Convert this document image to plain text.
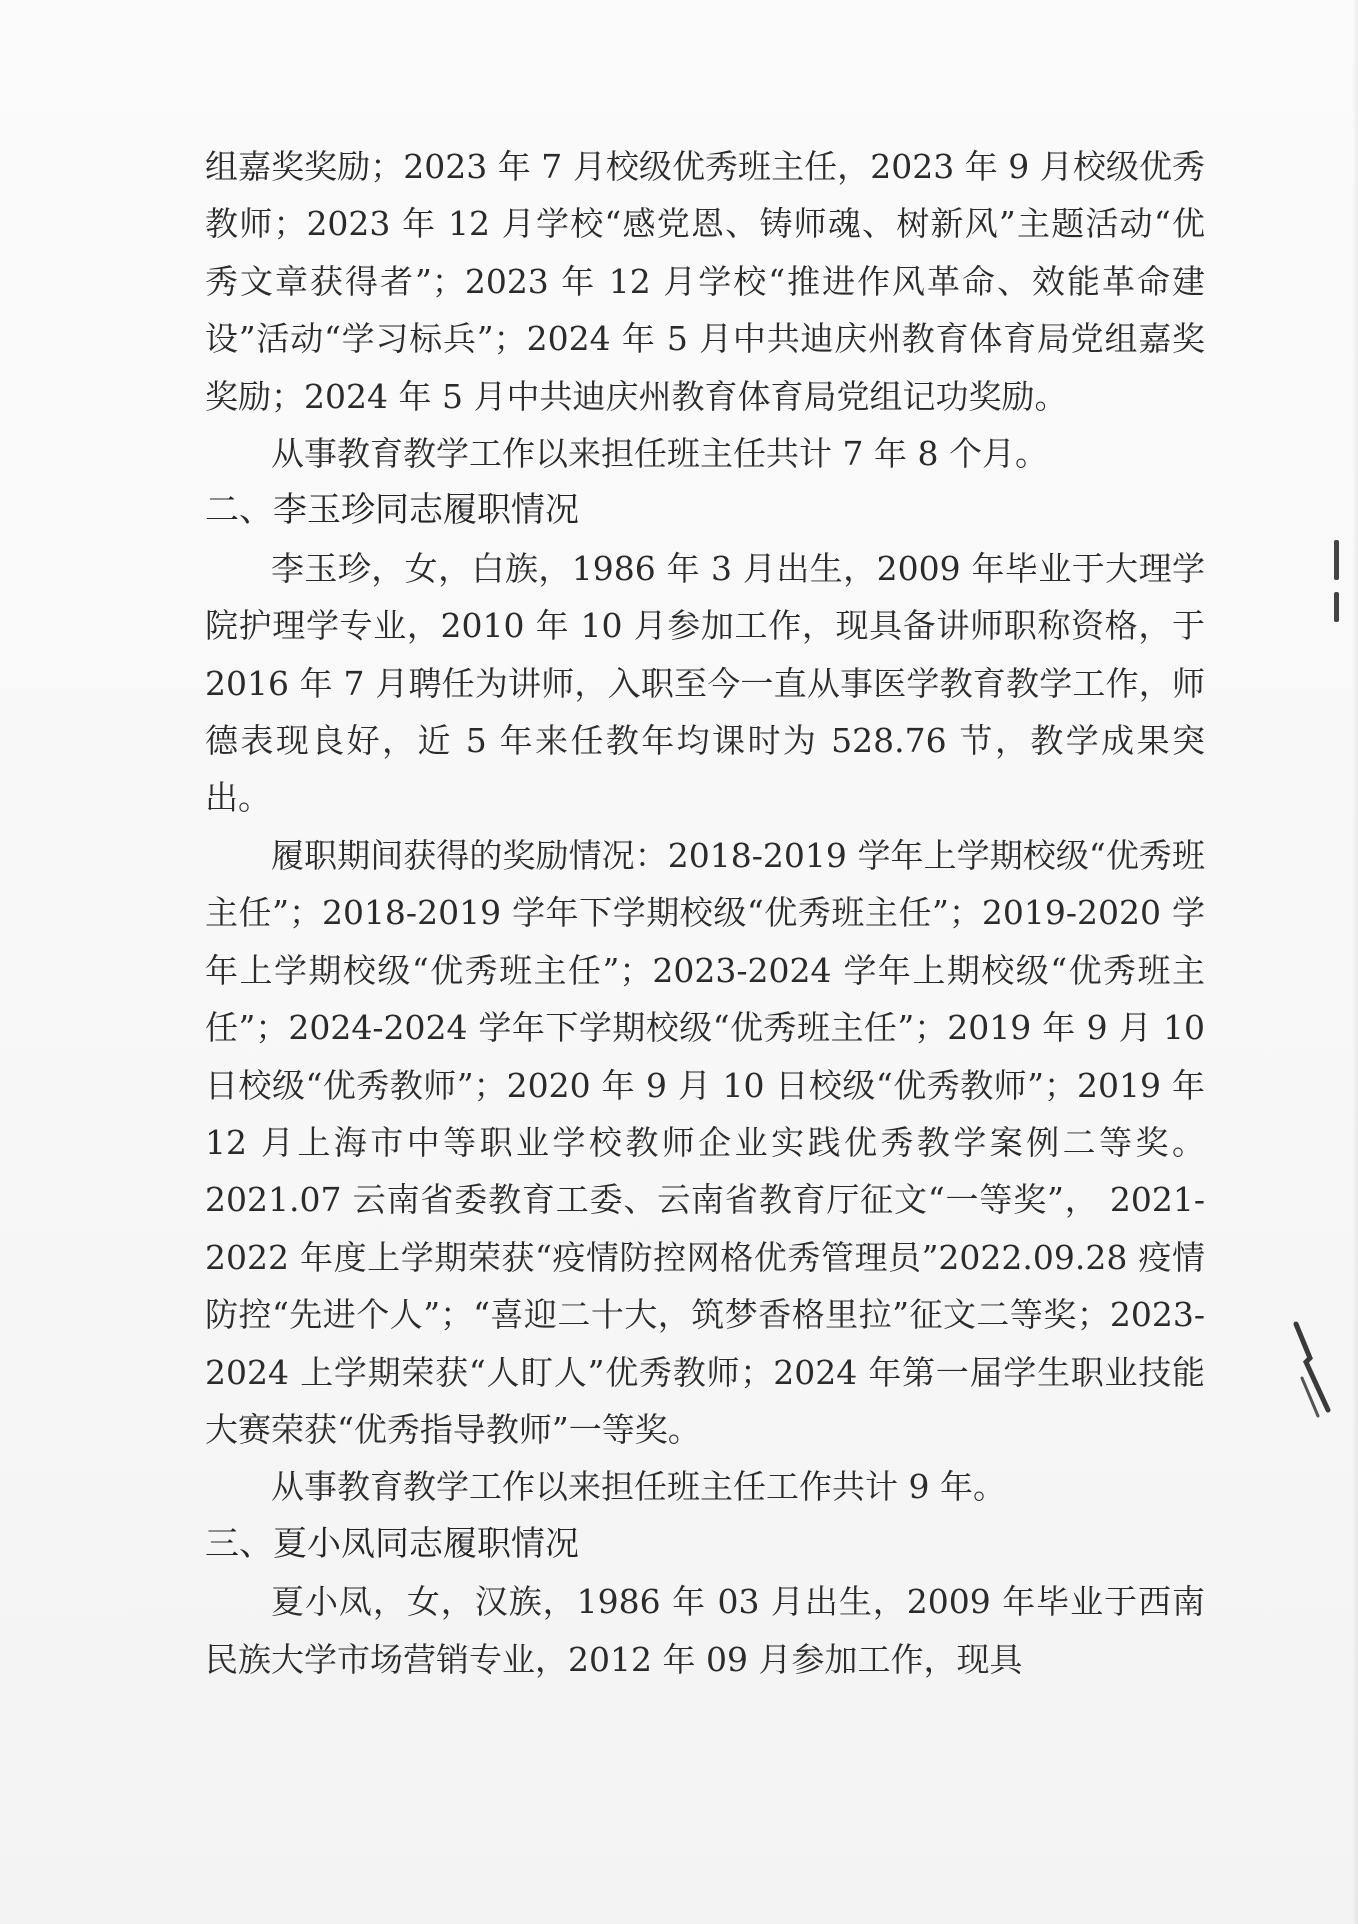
组嘉奖奖励；2023 年 7 月校级优秀班主任，2023 年 9 月校级优秀教师；2023 年 12 月学校“感党恩、铸师魂、树新风”主题活动“优秀文章获得者”；2023 年 12 月学校“推进作风革命、效能革命建设”活动“学习标兵”；2024 年 5 月中共迪庆州教育体育局党组嘉奖奖励；2024 年 5 月中共迪庆州教育体育局党组记功奖励。

从事教育教学工作以来担任班主任共计 7 年 8 个月。

二、李玉珍同志履职情况

李玉珍，女，白族，1986 年 3 月出生，2009 年毕业于大理学院护理学专业，2010 年 10 月参加工作，现具备讲师职称资格，于 2016 年 7 月聘任为讲师，入职至今一直从事医学教育教学工作，师德表现良好，近 5 年来任教年均课时为 528.76 节，教学成果突出。

履职期间获得的奖励情况：2018-2019 学年上学期校级“优秀班主任”；2018-2019 学年下学期校级“优秀班主任”；2019-2020 学年上学期校级“优秀班主任”；2023-2024 学年上期校级“优秀班主任”；2024-2024 学年下学期校级“优秀班主任”；2019 年 9 月 10 日校级“优秀教师”；2020 年 9 月 10 日校级“优秀教师”；2019 年 12 月上海市中等职业学校教师企业实践优秀教学案例二等奖。2021.07 云南省委教育工委、云南省教育厅征文“一等奖”， 2021-2022 年度上学期荣获“疫情防控网格优秀管理员”2022.09.28 疫情防控“先进个人”；“喜迎二十大，筑梦香格里拉”征文二等奖；2023-2024 上学期荣获“人盯人”优秀教师；2024 年第一届学生职业技能大赛荣获“优秀指导教师”一等奖。

从事教育教学工作以来担任班主任工作共计 9 年。

三、夏小凤同志履职情况

夏小凤，女，汉族，1986 年 03 月出生，2009 年毕业于西南民族大学市场营销专业，2012 年 09 月参加工作，现具
